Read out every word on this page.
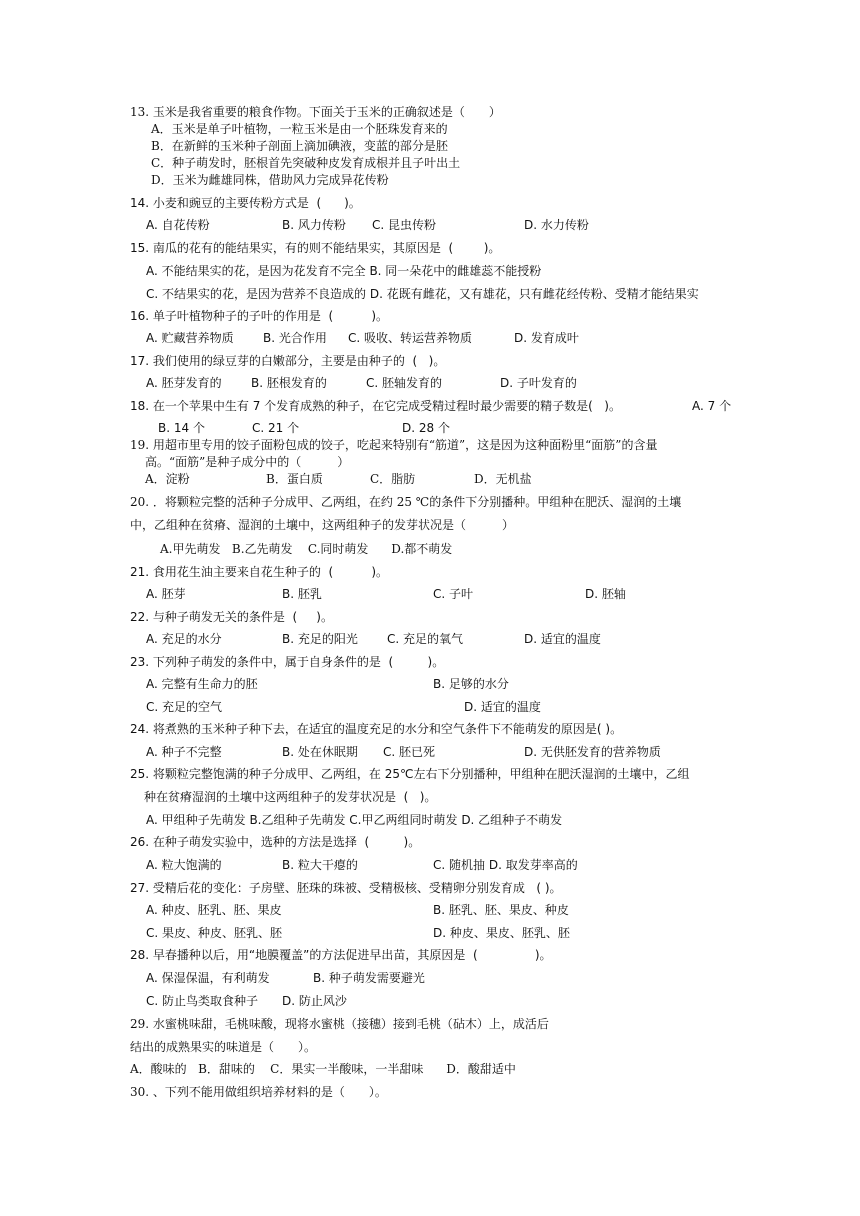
13. 玉米是我省重要的粮食作物。下面关于玉米的正确叙述是（　　）
A．玉米是单子叶植物，一粒玉米是由一个胚珠发育来的
B．在新鲜的玉米种子剖面上滴加碘液，变蓝的部分是胚
C．种子萌发时，胚根首先突破种皮发育成根并且子叶出土
D．玉米为雌雄同株，借助风力完成异花传粉
14. 小麦和豌豆的主要传粉方式是  (      )。
A. 自花传粉	B. 风力传粉 C. 昆虫传粉	D. 水力传粉
15. 南瓜的花有的能结果实，有的则不能结果实，其原因是  (        )。
A. 不能结果实的花，是因为花发育不完全 B. 同一朵花中的雌雄蕊不能授粉
C. 不结果实的花，是因为营养不良造成的 D. 花既有雌花，又有雄花，只有雌花经传粉、受精才能结果实
16. 单子叶植物种子的子叶的作用是  (          )。
A. 贮藏营养物质 B. 光合作用 C. 吸收、转运营养物质	D. 发育成叶
17. 我们使用的绿豆芽的白嫩部分，主要是由种子的  (   )。
A. 胚芽发育的 B. 胚根发育的	C. 胚轴发育的	D. 子叶发育的
18. 在一个苹果中生有 7 个发育成熟的种子，在它完成受精过程时最少需要的精子数是(   )。	A. 7 个
B. 14 个	C. 21 个	D. 28 个
19. 用超市里专用的饺子面粉包成的饺子，吃起来特别有“筋道”，这是因为这种面粉里“面筋”的含量
高。“面筋”是种子成分中的（　　　）
A．淀粉	B．蛋白质	C．脂肪	D．无机盐
20. ．将颗粒完整的活种子分成甲、乙两组，在约 25 ℃的条件下分别播种。甲组种在肥沃、湿润的土壤
中，乙组种在贫瘠、湿润的土壤中，这两组种子的发芽状况是（　　　）
A.甲先萌发   B.乙先萌发    C.同时萌发      D.都不萌发
21. 食用花生油主要来自花生种子的  (          )。
A. 胚芽	B. 胚乳	C. 子叶	D. 胚轴
22. 与种子萌发无关的条件是  (     )。
A. 充足的水分	B. 充足的阳光 C. 充足的氧气	D. 适宜的温度
23. 下列种子萌发的条件中，属于自身条件的是  (         )。
A. 完整有生命力的胚	B. 足够的水分
C. 充足的空气	D. 适宜的温度
24. 将煮熟的玉米种子种下去，在适宜的温度充足的水分和空气条件下不能萌发的原因是( )。
A. 种子不完整	B. 处在休眠期 C. 胚已死	D. 无供胚发育的营养物质
25. 将颗粒完整饱满的种子分成甲、乙两组，在 25℃左右下分别播种，甲组种在肥沃湿润的土壤中，乙组
种在贫瘠湿润的土壤中这两组种子的发芽状况是  (   )。
A. 甲组种子先萌发 B.乙组种子先萌发 C.甲乙两组同时萌发 D. 乙组种子不萌发
26. 在种子萌发实验中，选种的方法是选择  (         )。
A. 粒大饱满的	B. 粒大干瘪的	C. 随机抽 D. 取发芽率高的
27. 受精后花的变化：子房壁、胚珠的珠被、受精极核、受精卵分别发育成   ( )。
A. 种皮、胚乳、胚、果皮	B. 胚乳、胚、果皮、种皮
C. 果皮、种皮、胚乳、胚	D. 种皮、果皮、胚乳、胚
28. 早春播种以后，用“地膜覆盖”的方法促进早出苗，其原因是  (               )。
A. 保湿保温，有利萌发	B. 种子萌发需要避光
C. 防止鸟类取食种子 D. 防止风沙
29. 水蜜桃味甜，毛桃味酸，现将水蜜桃（接穗）接到毛桃（砧木）上，成活后
结出的成熟果实的味道是（　　）。
A．酸味的   B．甜味的    C．果实一半酸味，一半甜味      D．酸甜适中
30. 、下列不能用做组织培养材料的是（　　）。
